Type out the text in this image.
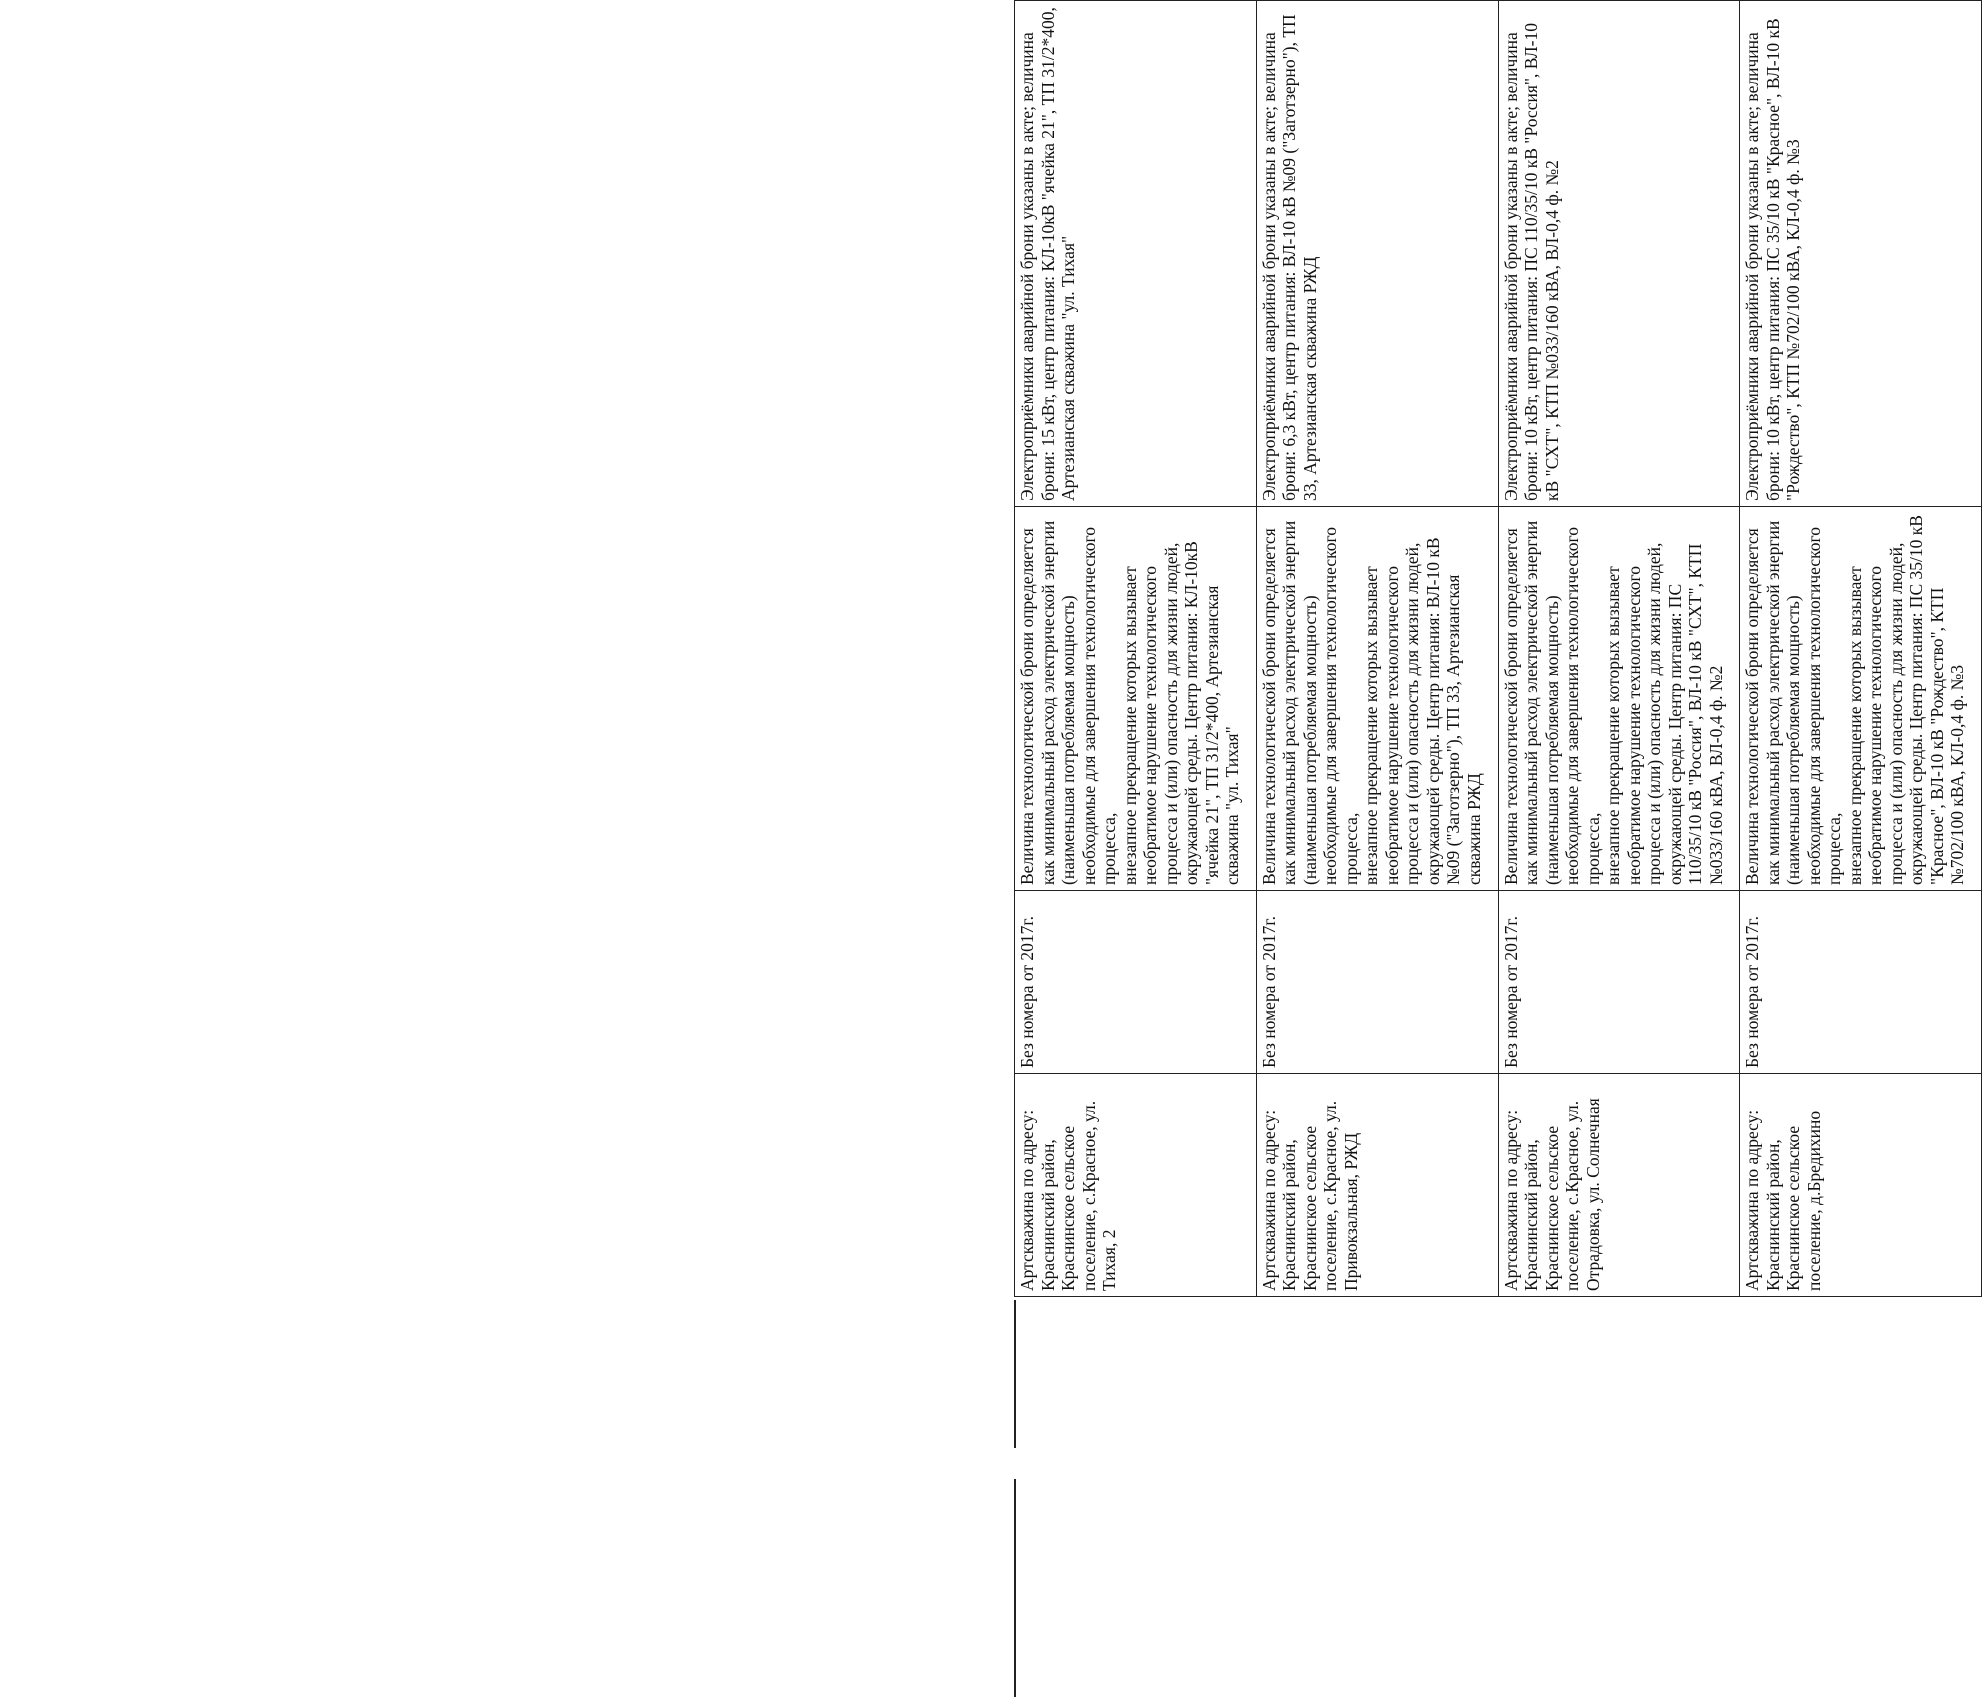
Артскважина по адресу: Краснинский район, Краснинское сельское поселение, с.Красное, ул. Тихая, 2	Без номера от 2017г.	Величина технологической брони определяется как минимальный расход электрической энергии (наименьшая потребляемая мощность) необходимые для завершения технологического процесса,
внезапное прекращение которых вызывает
необратимое нарушение технологического процесса и (или) опасность для жизни людей, окружающей среды. Центр питания: КЛ-10кВ "ячейка 21", ТП 31/2*400, Артезианская скважина "ул. Тихая"	Электроприёмники аварийной брони указаны в акте; величина брони: 15 кВт, центр питания: КЛ-10кВ "ячейка 21", ТП 31/2*400, Артезианская скважина "ул. Тихая"
Артскважина по адресу: Краснинский район, Краснинское сельское поселение, с.Красное, ул. Привокзальная, РЖД	Без номера от 2017г.	Величина технологической брони определяется как минимальный расход электрической энергии (наименьшая потребляемая мощность) необходимые для завершения технологического процесса,
внезапное прекращение которых вызывает
необратимое нарушение технологического процесса и (или) опасность для жизни людей, окружающей среды. Центр питания: ВЛ-10 кВ №09 ("Заготзерно"), ТП 33, Артезианская скважина РЖД	Электроприёмники аварийной брони указаны в акте; величина брони: 6,3 кВт, центр питания: ВЛ-10 кВ №09 ("Заготзерно"), ТП 33, Артезианская скважина РЖД
Артскважина по адресу: Краснинский район, Краснинское сельское поселение, с.Красное, ул. Отрадовка, ул. Солнечная	Без номера от 2017г.	Величина технологической брони определяется как минимальный расход электрической энергии (наименьшая потребляемая мощность) необходимые для завершения технологического процесса,
внезапное прекращение которых вызывает
необратимое нарушение технологического процесса и (или) опасность для жизни людей, окружающей среды. Центр питания: ПС 110/35/10 кВ "Россия", ВЛ-10 кВ "СХТ", КТП №033/160 кВА, ВЛ-0,4 ф. №2	Электроприёмники аварийной брони указаны в акте; величина брони: 10 кВт, центр питания: ПС 110/35/10 кВ "Россия", ВЛ-10 кВ "СХТ", КТП №033/160 кВА, ВЛ-0,4 ф. №2
Артскважина по адресу: Краснинский район, Краснинское сельское поселение, д.Бредихино	Без номера от 2017г.	Величина технологической брони определяется как минимальный расход электрической энергии (наименьшая потребляемая мощность) необходимые для завершения технологического процесса,
внезапное прекращение которых вызывает
необратимое нарушение технологического процесса и (или) опасность для жизни людей, окружающей среды. Центр питания: ПС 35/10 кВ "Красное", ВЛ-10 кВ "Рождество", КТП №702/100 кВА, КЛ-0,4 ф. №3	Электроприёмники аварийной брони указаны в акте; величина брони: 10 кВт, центр питания: ПС 35/10 кВ "Красное", ВЛ-10 кВ "Рождество", КТП №702/100 кВА, КЛ-0,4 ф. №3
